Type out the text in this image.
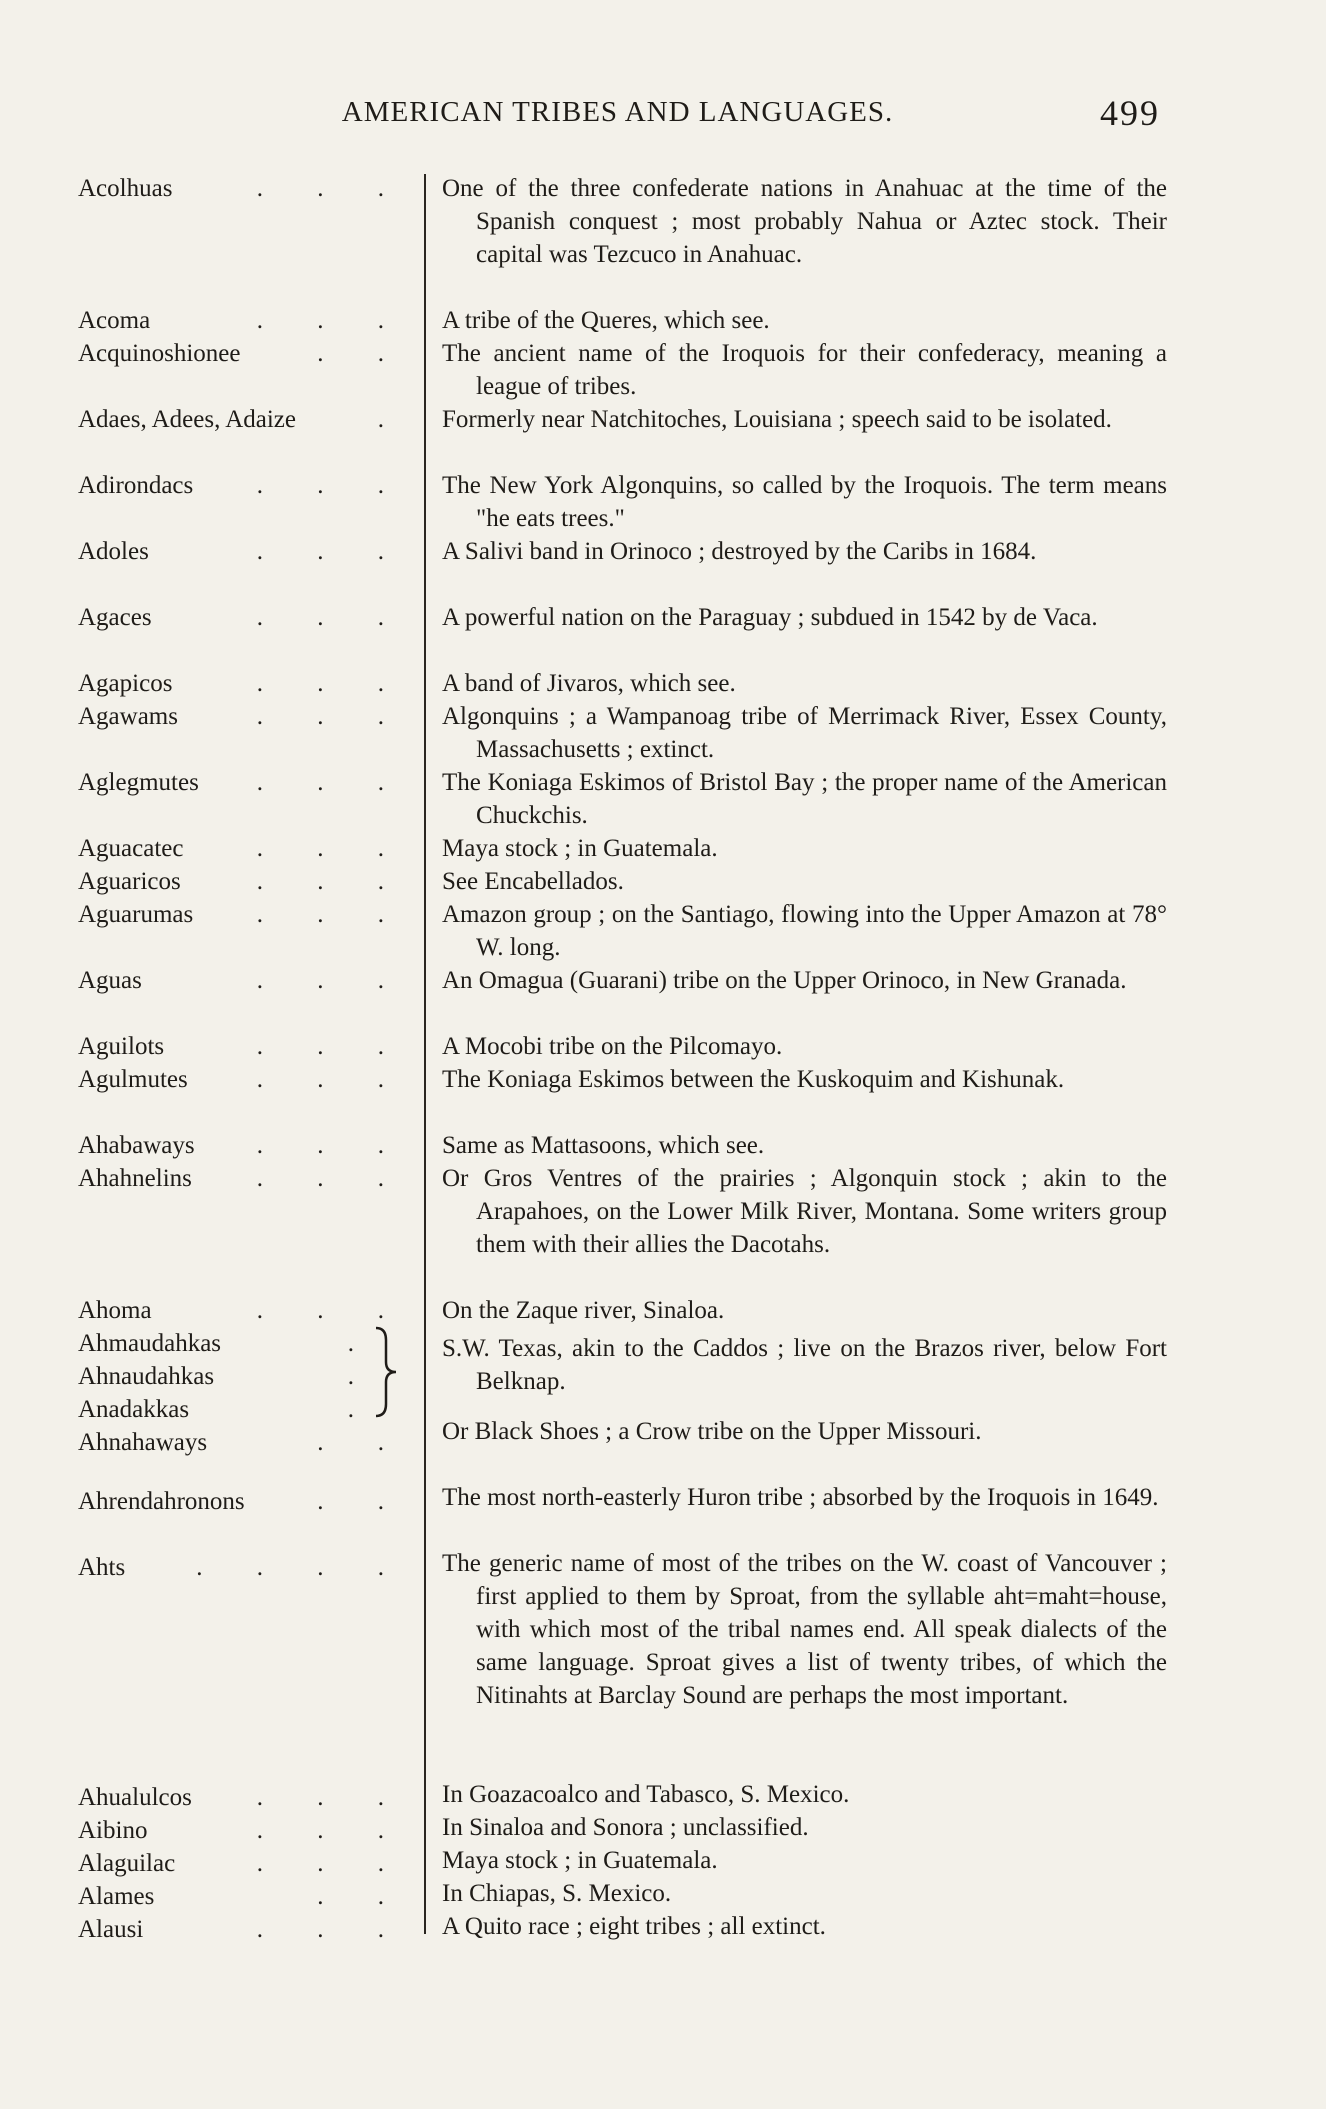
AMERICAN TRIBES AND LANGUAGES.	499
Acolhuas	. . . One of the three confederate nations in Anahuac at the time of the Spanish conquest ; most probably Nahua or Aztec stock. Their capital was Tezcuco in Anahuac.
Acoma	. . . A tribe of the Queres, which see.
Acquinoshionee	. . The ancient name of the Iroquois for their confederacy, meaning a league of tribes.
Adaes, Adees, Adaize	. Formerly near Natchitoches, Louisiana ; speech said to be isolated.
Adirondacs	. . . The New York Algonquins, so called by the Iroquois. The term means "he eats trees."
Adoles	. . . A Salivi band in Orinoco ; destroyed by the Caribs in 1684.
Agaces	. . . A powerful nation on the Paraguay ; subdued in 1542 by de Vaca.
Agapicos	. . . A band of Jivaros, which see.
Agawams	. . . Algonquins ; a Wampanoag tribe of Merrimack River, Essex County, Massachusetts ; extinct.
Aglegmutes . . . The Koniaga Eskimos of Bristol Bay ; the proper name of the American Chuckchis.
Aguacatec	. . . Maya stock ; in Guatemala.
Aguaricos	. . . See Encabellados.
Aguarumas	. . . Amazon group ; on the Santiago, flowing into the Upper Amazon at 78° W. long.
Aguas	. . . An Omagua (Guarani) tribe on the Upper Orinoco, in New Granada.
Aguilots	. . . A Mocobi tribe on the Pilcomayo.
Agulmutes	. . . The Koniaga Eskimos between the Kuskoquim and Kishunak.
Ahabaways . . . Same as Mattasoons, which see.
Ahahnelins	. . . Or Gros Ventres of the prairies ; Algonquin stock ; akin to the Arapahoes, on the Lower Milk River, Montana. Some writers group them with their allies the Dacotahs.
Ahoma	. . . On the Zaque river, Sinaloa.
Ahmaudahkas	.
Ahnaudahkas	.
Anadakkas	.
S.W. Texas, akin to the Caddos ; live on the Brazos river, below Fort Belknap.
Ahnahaways	. . Or Black Shoes ; a Crow tribe on the Upper Missouri.
Ahrendahronons	. . The most north-easterly Huron tribe ; absorbed by the Iroquois in 1649.
Ahts	. . . . The generic name of most of the tribes on the W. coast of Vancouver ; first applied to them by Sproat, from the syllable aht=maht=house, with which most of the tribal names end. All speak dialects of the same language. Sproat gives a list of twenty tribes, of which the Nitinahts at Barclay Sound are perhaps the most important.
Ahualulcos	. . . In Goazacoalco and Tabasco, S. Mexico.
Aibino	. . . In Sinaloa and Sonora ; unclassified.
Alaguilac	. . . Maya stock ; in Guatemala.
Alames	. . In Chiapas, S. Mexico.
Alausi	. . . A Quito race ; eight tribes ; all extinct.
